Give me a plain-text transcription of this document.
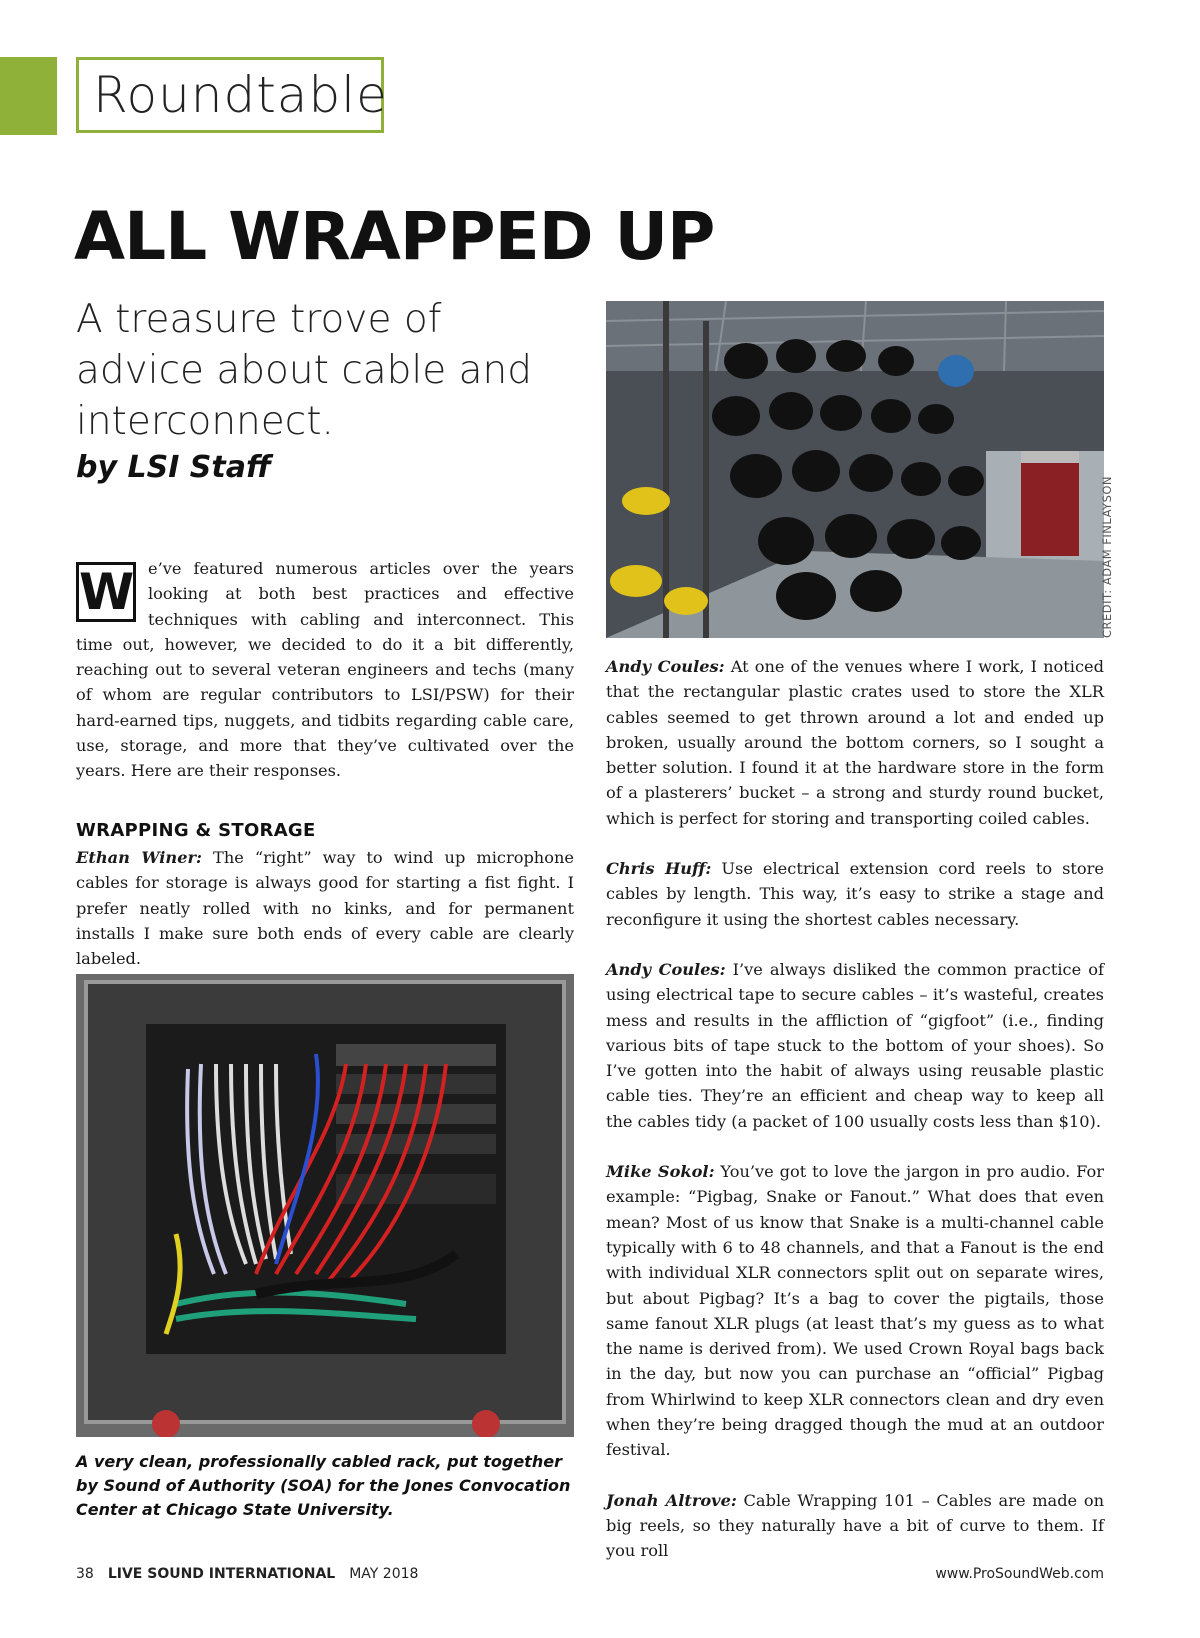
Roundtable
ALL WRAPPED UP

A treasure trove of advice about cable and interconnect.

by LSI Staff

W e’ve featured numerous articles over the years looking at both best practices and effective techniques with cabling and interconnect. This time out, however, we decided to do it a bit differently, reaching out to several veteran engineers and techs (many of whom are regular contributors to LSI/PSW) for their hard-earned tips, nuggets, and tidbits regarding cable care, use, storage, and more that they’ve cultivated over the years. Here are their responses.

WRAPPING & STORAGE

Ethan Winer: The “right” way to wind up microphone cables for storage is always good for starting a fist fight. I prefer neatly rolled with no kinks, and for permanent installs I make sure both ends of every cable are clearly labeled.

CREDIT: ADAM FINLAYSON

A very clean, professionally cabled rack, put together by Sound of Authority (SOA) for the Jones Convocation Center at Chicago State University.

Andy Coules: At one of the venues where I work, I noticed that the rectangular plastic crates used to store the XLR cables seemed to get thrown around a lot and ended up broken, usually around the bottom corners, so I sought a better solution. I found it at the hardware store in the form of a plasterers’ bucket – a strong and sturdy round bucket, which is perfect for storing and transporting coiled cables.

Chris Huff: Use electrical extension cord reels to store cables by length. This way, it’s easy to strike a stage and reconfigure it using the shortest cables necessary.

Andy Coules: I’ve always disliked the common practice of using electrical tape to secure cables – it’s wasteful, creates mess and results in the affliction of “gigfoot” (i.e., finding various bits of tape stuck to the bottom of your shoes). So I’ve gotten into the habit of always using reusable plastic cable ties. They’re an efficient and cheap way to keep all the cables tidy (a packet of 100 usually costs less than $10).

Mike Sokol: You’ve got to love the jargon in pro audio. For example: “Pigbag, Snake or Fanout.” What does that even mean? Most of us know that Snake is a multi-channel cable typically with 6 to 48 channels, and that a Fanout is the end with individual XLR connectors split out on separate wires, but about Pigbag? It’s a bag to cover the pigtails, those same fanout XLR plugs (at least that’s my guess as to what the name is derived from). We used Crown Royal bags back in the day, but now you can purchase an “official” Pigbag from Whirlwind to keep XLR connectors clean and dry even when they’re being dragged though the mud at an outdoor festival.

Jonah Altrove: Cable Wrapping 101 – Cables are made on big reels, so they naturally have a bit of curve to them. If you roll

38 LIVE SOUND INTERNATIONAL MAY 2018	www.ProSoundWeb.com
